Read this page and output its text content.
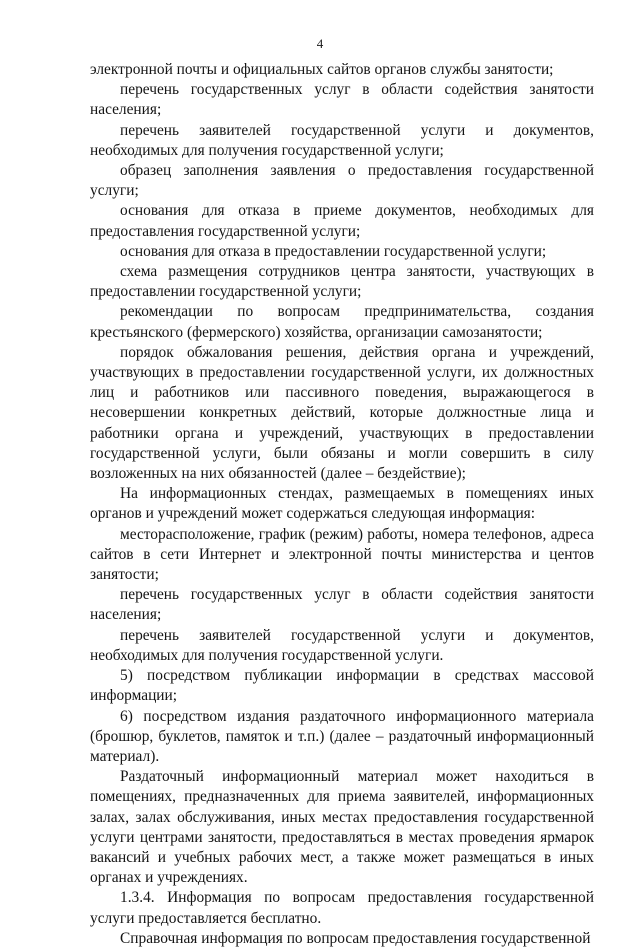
4

электронной почты и официальных сайтов органов службы занятости;

перечень государственных услуг в области содействия занятости населения;

перечень заявителей государственной услуги и документов, необходимых для получения государственной услуги;

образец заполнения заявления о предоставления государственной услуги;

основания для отказа в приеме документов, необходимых для предоставления государственной услуги;

основания для отказа в предоставлении государственной услуги;

схема размещения сотрудников центра занятости, участвующих в предоставлении государственной услуги;

рекомендации по вопросам предпринимательства, создания крестьянского (фермерского) хозяйства, организации самозанятости;

порядок обжалования решения, действия органа и учреждений, участвующих в предоставлении государственной услуги, их должностных лиц и работников или пассивного поведения, выражающегося в несовершении конкретных действий, которые должностные лица и работники органа и учреждений, участвующих в предоставлении государственной услуги, были обязаны и могли совершить в силу возложенных на них обязанностей (далее – бездействие);

На информационных стендах, размещаемых в помещениях иных органов и учреждений может содержаться следующая информация:

месторасположение, график (режим) работы, номера телефонов, адреса сайтов в сети Интернет и электронной почты министерства и центов занятости;

перечень государственных услуг в области содействия занятости населения;

перечень заявителей государственной услуги и документов, необходимых для получения государственной услуги.

5) посредством публикации информации в средствах массовой информации;

6) посредством издания раздаточного информационного материала (брошюр, буклетов, памяток и т.п.) (далее – раздаточный информационный материал).

Раздаточный информационный материал может находиться в помещениях, предназначенных для приема заявителей, информационных залах, залах обслуживания, иных местах предоставления государственной услуги центрами занятости, предоставляться в местах проведения ярмарок вакансий и учебных рабочих мест, а также может размещаться в иных органах и учреждениях.

1.3.4. Информация по вопросам предоставления государственной услуги предоставляется бесплатно.

Справочная информация по вопросам предоставления государственной
